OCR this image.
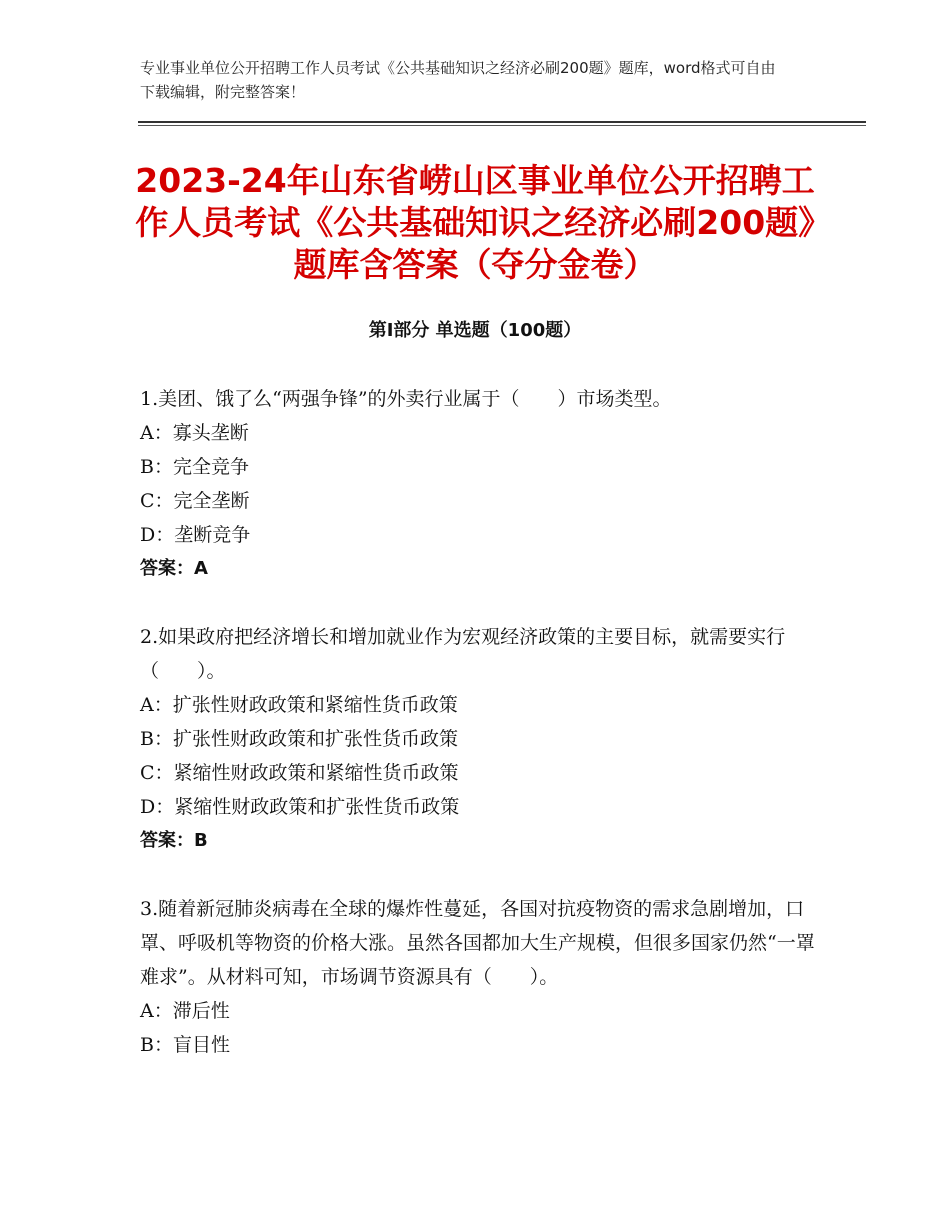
专业事业单位公开招聘工作人员考试《公共基础知识之经济必刷200题》题库，word格式可自由下载编辑，附完整答案！
2023-24年山东省崂山区事业单位公开招聘工作人员考试《公共基础知识之经济必刷200题》题库含答案（夺分金卷）
第Ⅰ部分 单选题（100题）
1.美团、饿了么“两强争锋”的外卖行业属于（　　）市场类型。
A：寡头垄断
B：完全竞争
C：完全垄断
D：垄断竞争
答案：A
2.如果政府把经济增长和增加就业作为宏观经济政策的主要目标，就需要实行（　　）。
A：扩张性财政政策和紧缩性货币政策
B：扩张性财政政策和扩张性货币政策
C：紧缩性财政政策和紧缩性货币政策
D：紧缩性财政政策和扩张性货币政策
答案：B
3.随着新冠肺炎病毒在全球的爆炸性蔓延，各国对抗疫物资的需求急剧增加，口罩、呼吸机等物资的价格大涨。虽然各国都加大生产规模，但很多国家仍然“一罩难求”。从材料可知，市场调节资源具有（　　）。
A：滞后性
B：盲目性
